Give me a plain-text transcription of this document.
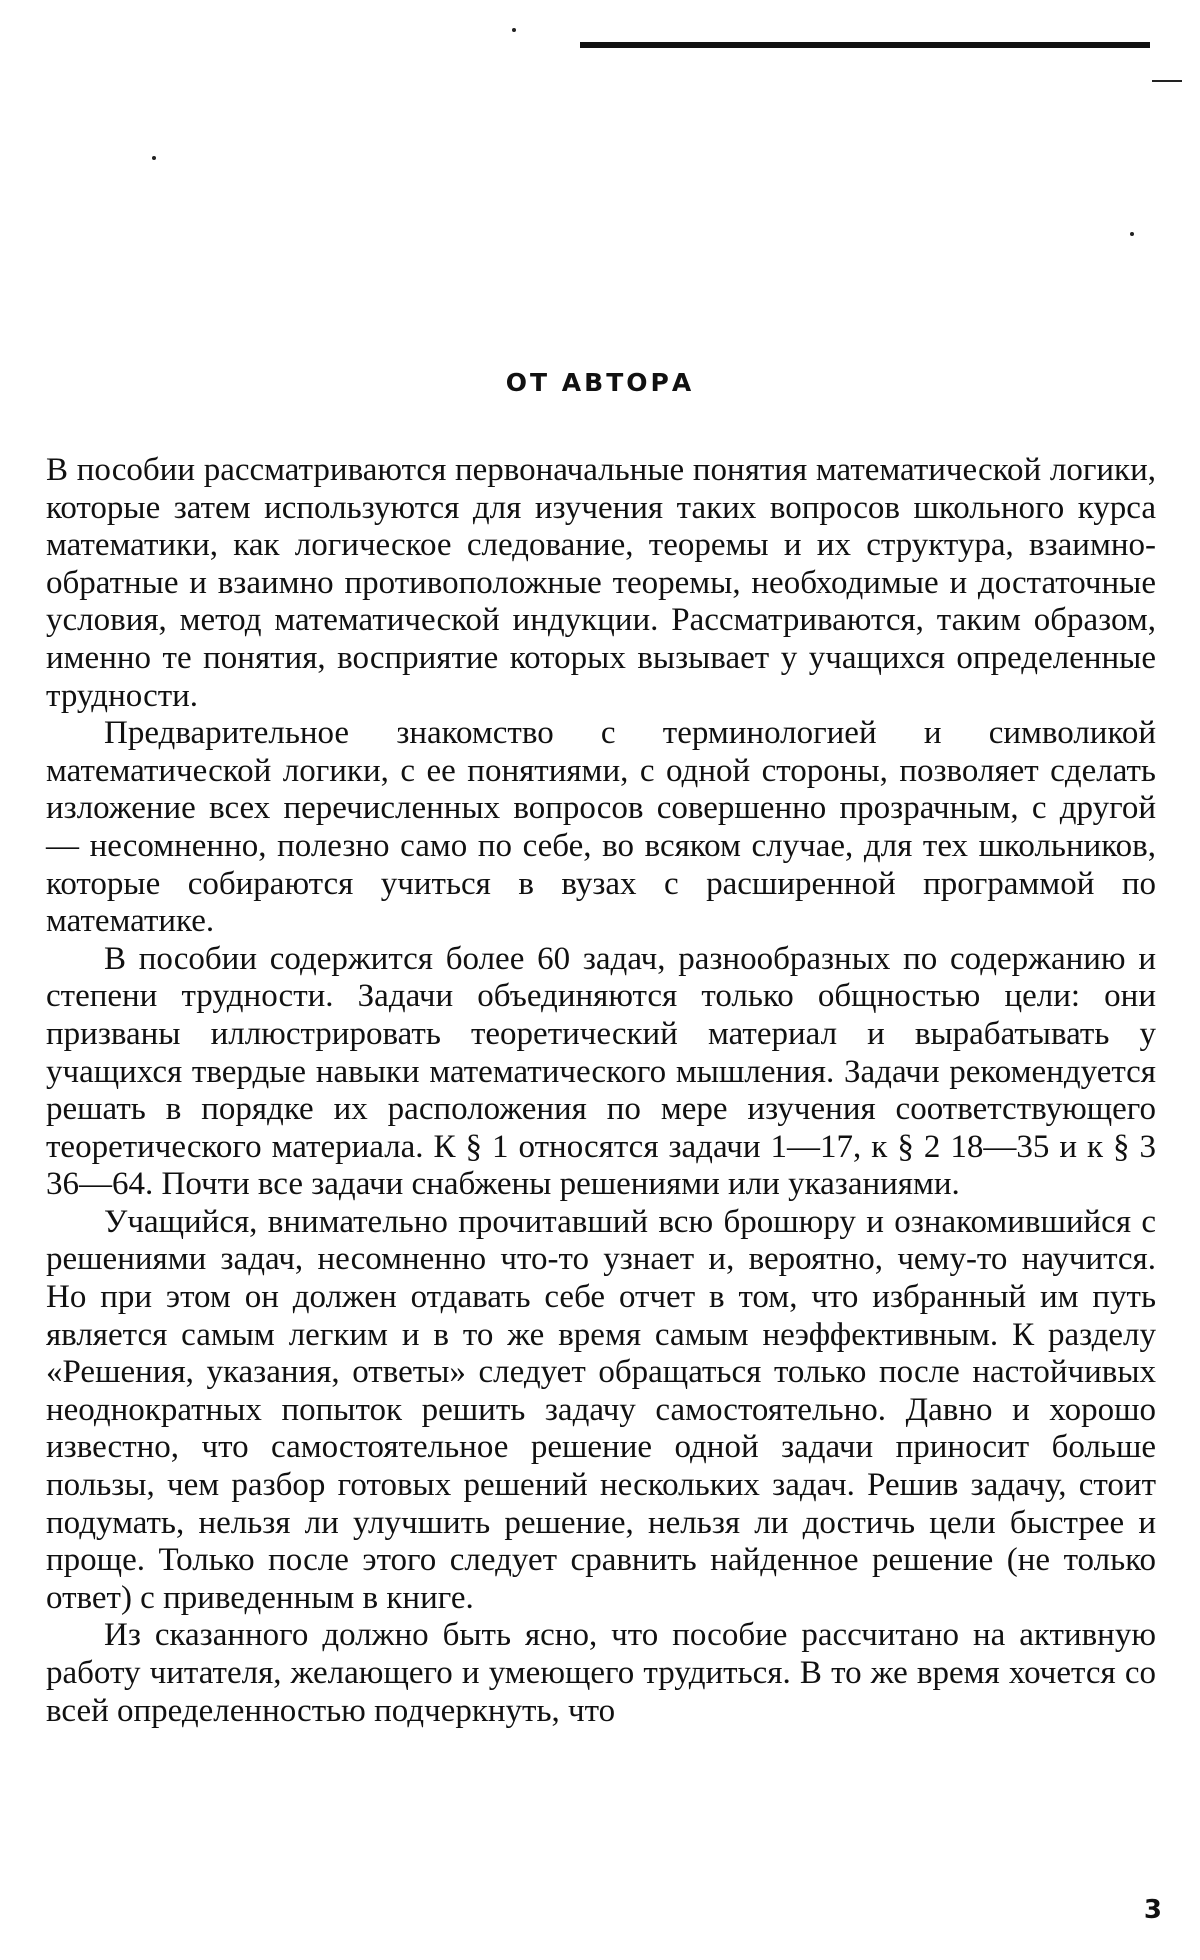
ОТ АВТОРА

В пособии рассматриваются первоначальные понятия математической логики, которые затем используются для изучения таких вопросов школьного курса математики, как логическое следование, теоремы и их структура, взаимно-обратные и взаимно противоположные теоремы, необходимые и достаточные условия, метод математической индукции. Рассматриваются, таким образом, именно те понятия, восприятие которых вызывает у учащихся определенные трудности.

Предварительное знакомство с терминологией и символикой математической логики, с ее понятиями, с одной стороны, позволяет сделать изложение всех перечисленных вопросов совершенно прозрачным, с другой — несомненно, полезно само по себе, во всяком случае, для тех школьников, которые собираются учиться в вузах с расширенной программой по математике.

В пособии содержится более 60 задач, разнообразных по содержанию и степени трудности. Задачи объединяются только общностью цели: они призваны иллюстрировать теоретический материал и вырабатывать у учащихся твердые навыки математического мышления. Задачи рекомендуется решать в порядке их расположения по мере изучения соответствующего теоретического материала. К § 1 относятся задачи 1—17, к § 2 18—35 и к § 3 36—64. Почти все задачи снабжены решениями или указаниями.

Учащийся, внимательно прочитавший всю брошюру и ознакомившийся с решениями задач, несомненно что-то узнает и, вероятно, чему-то научится. Но при этом он должен отдавать себе отчет в том, что избранный им путь является самым легким и в то же время самым неэффективным. К разделу «Решения, указания, ответы» следует обращаться только после настойчивых неоднократных попыток решить задачу самостоятельно. Давно и хорошо известно, что самостоятельное решение одной задачи приносит больше пользы, чем разбор готовых решений нескольких задач. Решив задачу, стоит подумать, нельзя ли улучшить решение, нельзя ли достичь цели быстрее и проще. Только после этого следует сравнить найденное решение (не только ответ) с приведенным в книге.

Из сказанного должно быть ясно, что пособие рассчитано на активную работу читателя, желающего и умеющего трудиться. В то же время хочется со всей определенностью подчеркнуть, что

3
